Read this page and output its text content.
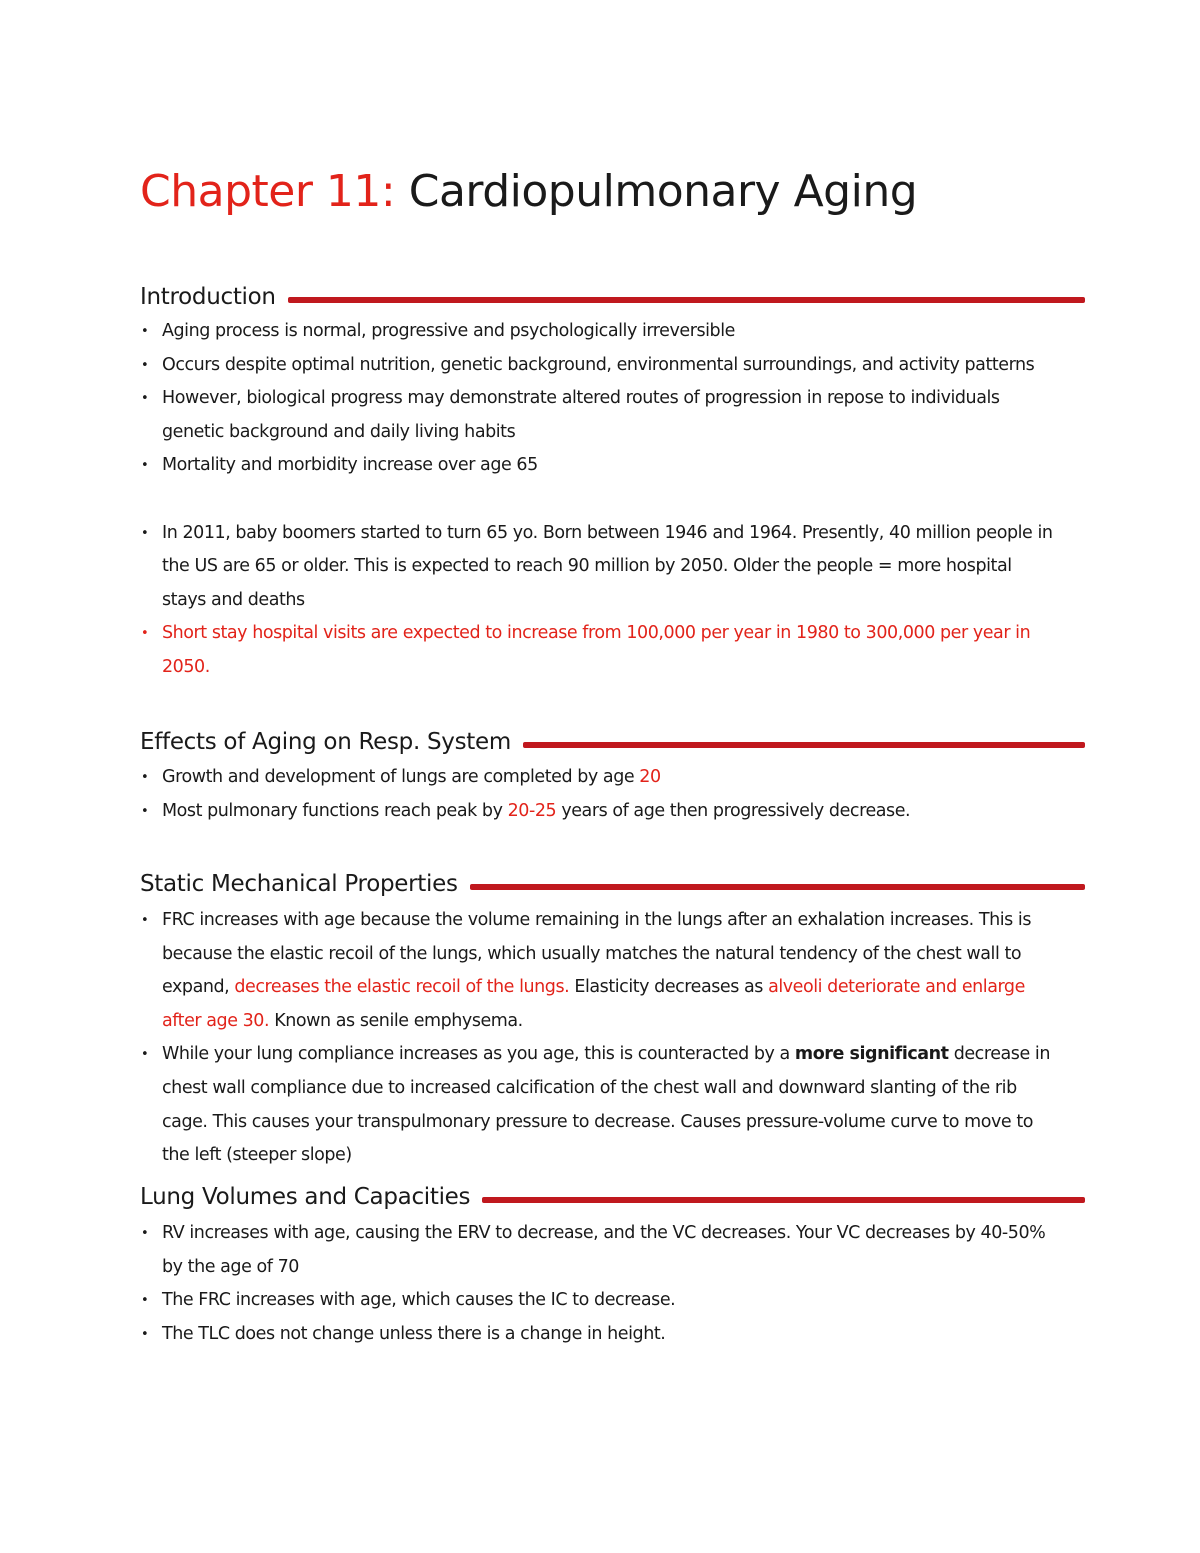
Chapter 11: Cardiopulmonary Aging
Introduction
• Aging process is normal, progressive and psychologically irreversible
• Occurs despite optimal nutrition, genetic background, environmental surroundings, and activity patterns
• However, biological progress may demonstrate altered routes of progression in repose to individuals genetic background and daily living habits
• Mortality and morbidity increase over age 65
• In 2011, baby boomers started to turn 65 yo. Born between 1946 and 1964. Presently, 40 million people in the US are 65 or older. This is expected to reach 90 million by 2050. Older the people = more hospital stays and deaths
• Short stay hospital visits are expected to increase from 100,000 per year in 1980 to 300,000 per year in 2050.
Effects of Aging on Resp. System
• Growth and development of lungs are completed by age 20
• Most pulmonary functions reach peak by 20-25 years of age then progressively decrease.
Static Mechanical Properties
• FRC increases with age because the volume remaining in the lungs after an exhalation increases. This is because the elastic recoil of the lungs, which usually matches the natural tendency of the chest wall to expand, decreases the elastic recoil of the lungs. Elasticity decreases as alveoli deteriorate and enlarge after age 30. Known as senile emphysema.
• While your lung compliance increases as you age, this is counteracted by a more significant decrease in chest wall compliance due to increased calcification of the chest wall and downward slanting of the rib cage. This causes your transpulmonary pressure to decrease. Causes pressure-volume curve to move to the left (steeper slope)
Lung Volumes and Capacities
• RV increases with age, causing the ERV to decrease, and the VC decreases. Your VC decreases by 40-50% by the age of 70
• The FRC increases with age, which causes the IC to decrease.
• The TLC does not change unless there is a change in height.
